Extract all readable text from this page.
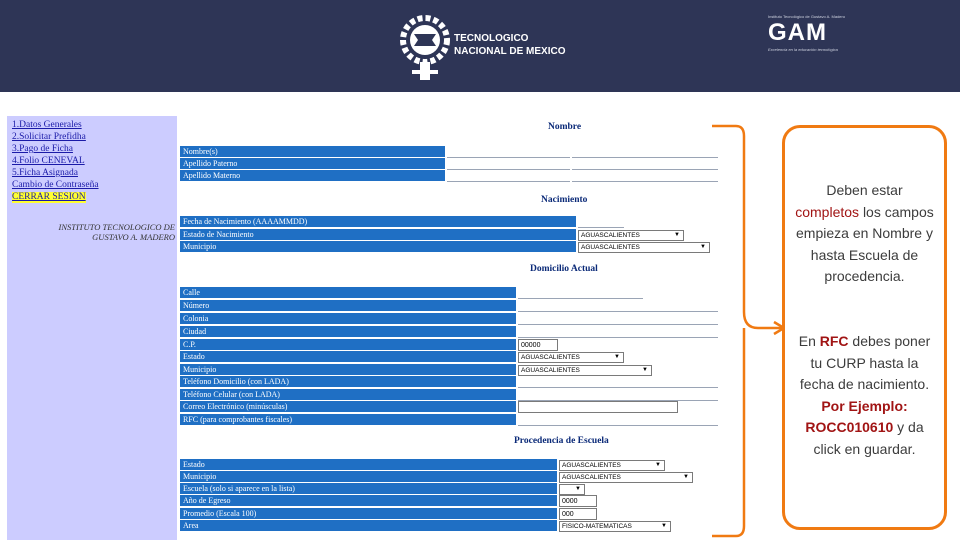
TECNOLOGICO
NACIONAL DE MEXICO
Instituto Tecnológico de Gustavo A. Madero
GAM
Excelencia en la educación tecnológica
1.Datos Generales
2.Solicitar Prefidha
3.Pago de Ficha
4.Folio CENEVAL
5.Ficha Asignada
Cambio de Contraseña
CERRAR SESION
INSTITUTO TECNOLOGICO DE GUSTAVO A. MADERO
Nombre
Nombre(s)
Apellido Paterno
Apellido Materno
Nacimiento
Fecha de Nacimiento (AAAAMMDD)
Estado de Nacimiento	AGUASCALIENTES	▼
Municipio	AGUASCALIENTES	▼
Domicilio Actual
Calle
Número
Colonia
Ciudad
C.P.	00000
Estado	AGUASCALIENTES	▼
Municipio	AGUASCALIENTES	▼
Teléfono Domicilio (con LADA)
Teléfono Celular (con LADA)
Correo Electrónico (minúsculas)
RFC (para comprobantes fiscales)
Procedencia de Escuela
Estado	AGUASCALIENTES	▼
Municipio	AGUASCALIENTES	▼
Escuela (solo si aparece en la lista)	▼
Año de Egreso	0000
Promedio (Escala 100)	000
Area	FISICO-MATEMATICAS	▼
Deben estar completos los campos empieza en Nombre y hasta Escuela de procedencia.
En RFC debes poner tu CURP hasta la fecha de nacimiento. Por Ejemplo: ROCC010610 y da click en guardar.
